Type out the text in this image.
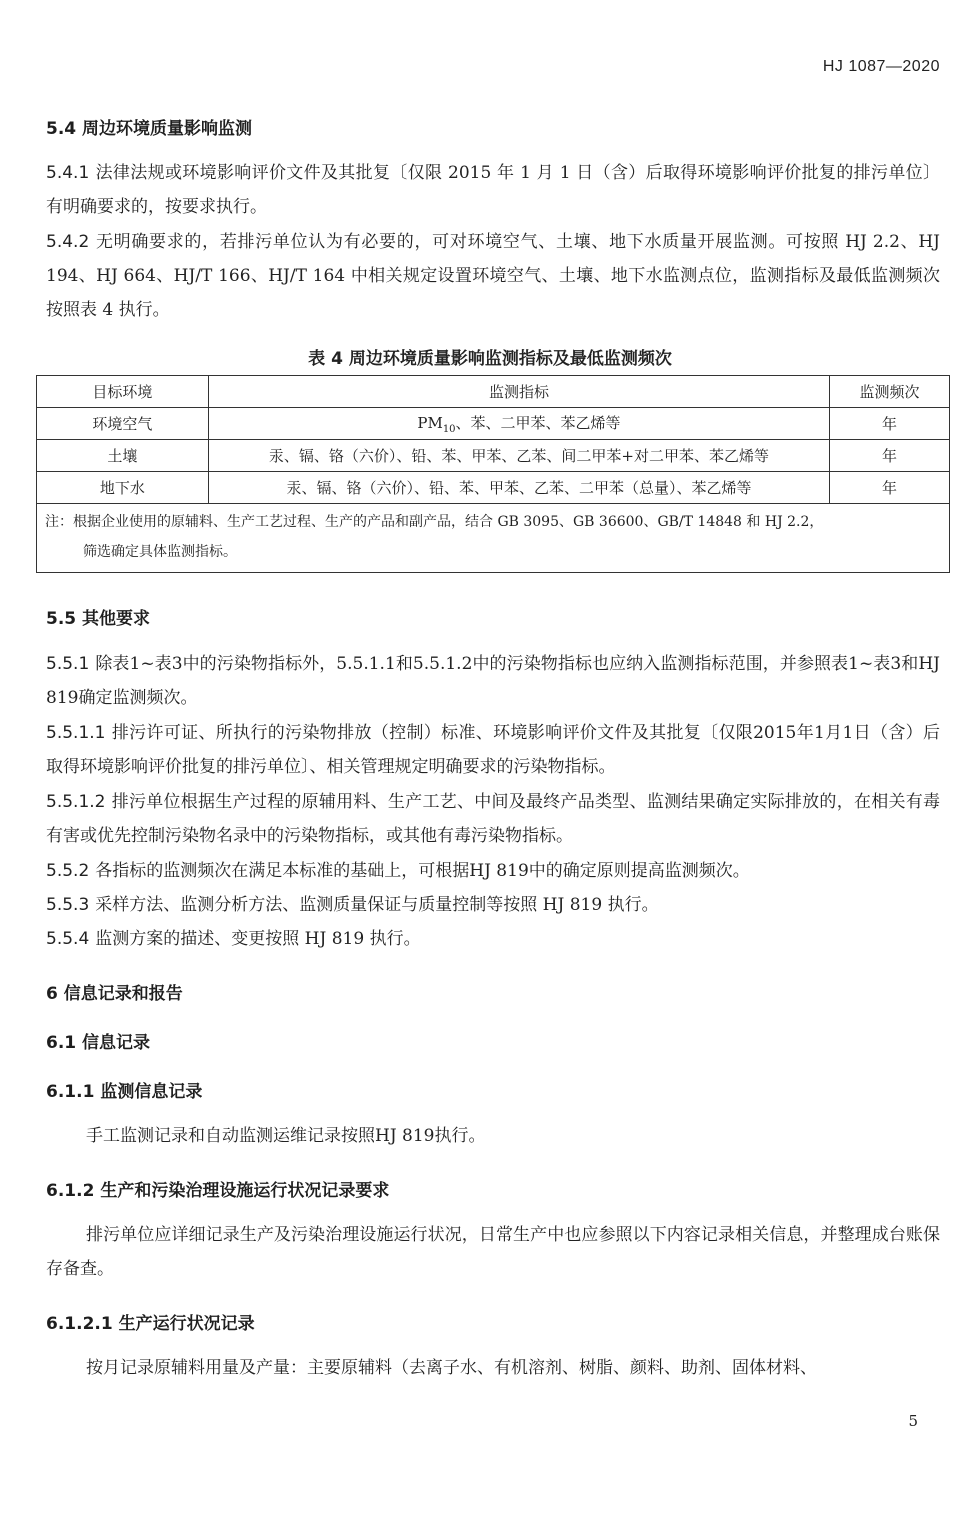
HJ 1087—2020
5.4 周边环境质量影响监测
5.4.1 法律法规或环境影响评价文件及其批复〔仅限 2015 年 1 月 1 日（含）后取得环境影响评价批复的排污单位〕有明确要求的，按要求执行。
5.4.2 无明确要求的，若排污单位认为有必要的，可对环境空气、土壤、地下水质量开展监测。可按照 HJ 2.2、HJ 194、HJ 664、HJ/T 166、HJ/T 164 中相关规定设置环境空气、土壤、地下水监测点位，监测指标及最低监测频次按照表 4 执行。
表 4 周边环境质量影响监测指标及最低监测频次
目标环境	监测指标	监测频次
环境空气	$PM_{10}$、苯、二甲苯、苯乙烯等	年
土壤	汞、镉、铬（六价）、铅、苯、甲苯、乙苯、间二甲苯+对二甲苯、苯乙烯等	年
地下水	汞、镉、铬（六价）、铅、苯、甲苯、乙苯、二甲苯（总量）、苯乙烯等	年
注：根据企业使用的原辅料、生产工艺过程、生产的产品和副产品，结合 GB 3095、GB 36600、GB/T 14848 和 HJ 2.2，
筛选确定具体监测指标。		
5.5 其他要求
5.5.1 除表1~表3中的污染物指标外，5.5.1.1和5.5.1.2中的污染物指标也应纳入监测指标范围，并参照表1~表3和HJ 819确定监测频次。
5.5.1.1 排污许可证、所执行的污染物排放（控制）标准、环境影响评价文件及其批复〔仅限2015年1月1日（含）后取得环境影响评价批复的排污单位〕、相关管理规定明确要求的污染物指标。
5.5.1.2 排污单位根据生产过程的原辅用料、生产工艺、中间及最终产品类型、监测结果确定实际排放的，在相关有毒有害或优先控制污染物名录中的污染物指标，或其他有毒污染物指标。
5.5.2 各指标的监测频次在满足本标准的基础上，可根据HJ 819中的确定原则提高监测频次。
5.5.3 采样方法、监测分析方法、监测质量保证与质量控制等按照 HJ 819 执行。
5.5.4 监测方案的描述、变更按照 HJ 819 执行。
6 信息记录和报告
6.1 信息记录
6.1.1 监测信息记录
手工监测记录和自动监测运维记录按照HJ 819执行。
6.1.2 生产和污染治理设施运行状况记录要求
排污单位应详细记录生产及污染治理设施运行状况，日常生产中也应参照以下内容记录相关信息，并整理成台账保存备查。
6.1.2.1 生产运行状况记录
按月记录原辅料用量及产量：主要原辅料（去离子水、有机溶剂、树脂、颜料、助剂、固体材料、
5
